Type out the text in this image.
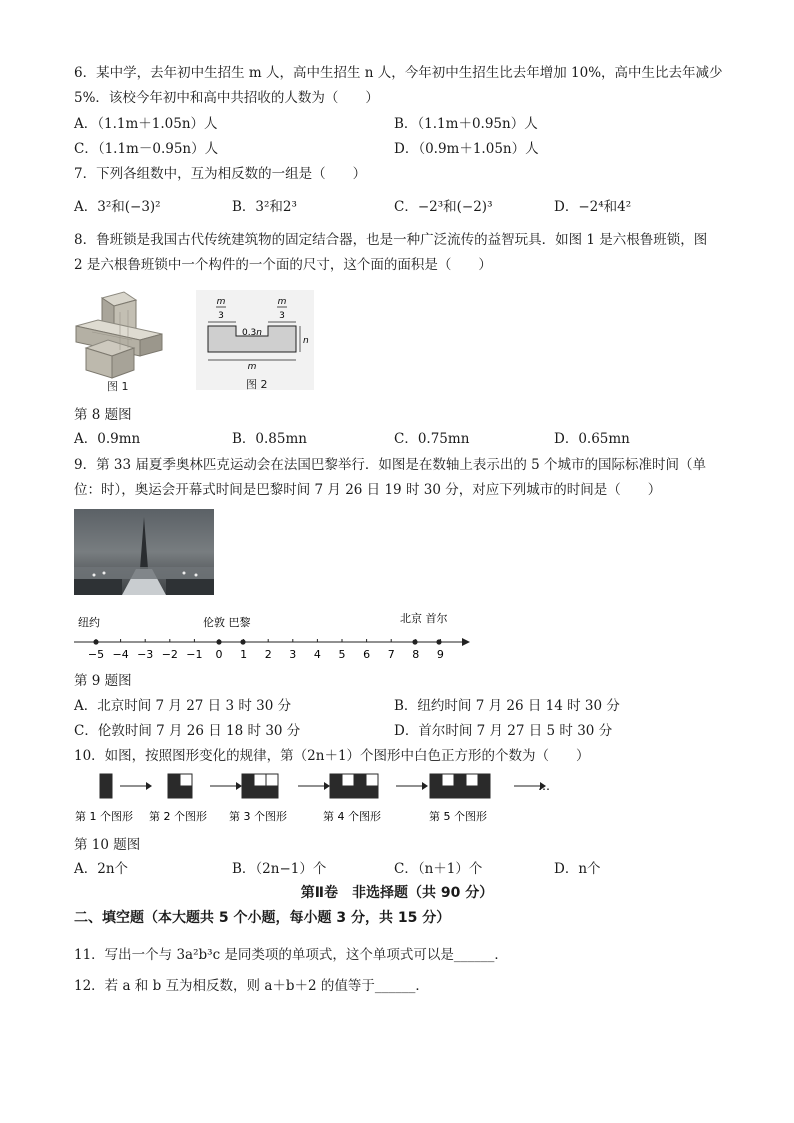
6．某中学，去年初中生招生 m 人，高中生招生 n 人，今年初中生招生比去年增加 10%，高中生比去年减少
5%．该校今年初中和高中共招收的人数为（　　）
A．（1.1m＋1.05n）人	B．（1.1m＋0.95n）人
C．（1.1m－0.95n）人	D．（0.9m＋1.05n）人
7．下列各组数中，互为相反数的一组是（　　）
A．3²和(−3)²	B．3²和2³	C．−2³和(−2)³	D．−2⁴和4²
8．鲁班锁是我国古代传统建筑物的固定结合器，也是一种广泛流传的益智玩具．如图 1 是六根鲁班锁，图
2 是六根鲁班锁中一个构件的一个面的尺寸，这个面的面积是（　　）
图 1
m
3
m
3
0.3n
n
m
图 2
第 8 题图
A．0.9mn	B．0.85mn	C．0.75mn	D．0.65mn
9．第 33 届夏季奥林匹克运动会在法国巴黎举行．如图是在数轴上表示出的 5 个城市的国际标准时间（单
位：时），奥运会开幕式时间是巴黎时间 7 月 26 日 19 时 30 分，对应下列城市的时间是（　　）
−5 −4 −3 −2 −1 0 1 2 3 4 5 6 7 8 9
纽约	伦敦 巴黎	北京 首尔
第 9 题图
A．北京时间 7 月 27 日 3 时 30 分	B．纽约时间 7 月 26 日 14 时 30 分
C．伦敦时间 7 月 26 日 18 时 30 分	D．首尔时间 7 月 27 日 5 时 30 分
10．如图，按照图形变化的规律，第（2n＋1）个图形中白色正方形的个数为（　　）
第 1 个图形 第 2 个图形 第 3 个图形	第 4 个图形	第 5 个图形
…
第 10 题图
A．2n个	B．（2n−1）个	C．（n＋1）个	D．n个
第Ⅱ卷　非选择题（共 90 分）
二、填空题（本大题共 5 个小题，每小题 3 分，共 15 分）
11．写出一个与 3a²b³c 是同类项的单项式，这个单项式可以是______．
12．若 a 和 b 互为相反数，则 a＋b＋2 的值等于______．
